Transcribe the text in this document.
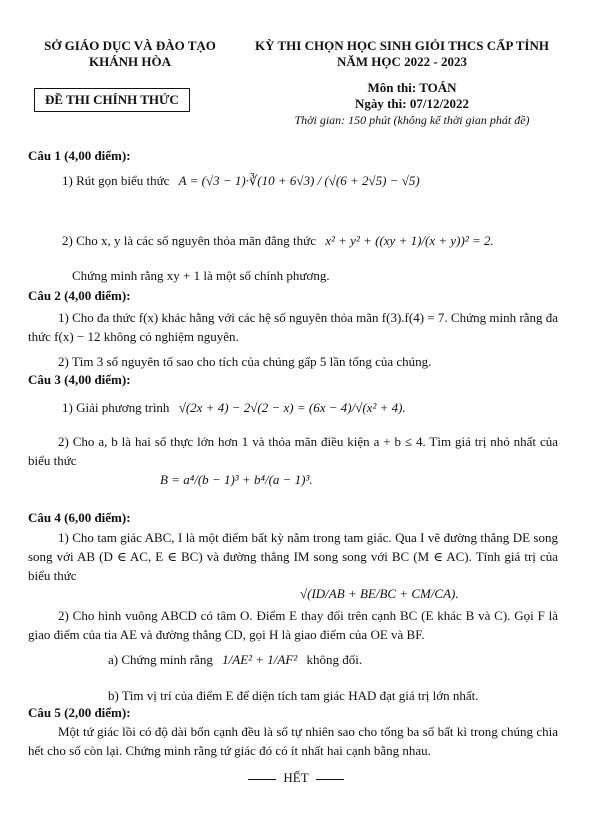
SỞ GIÁO DỤC VÀ ĐÀO TẠO
KHÁNH HÒA
KỲ THI CHỌN HỌC SINH GIỎI THCS CẤP TỈNH
NĂM HỌC 2022 - 2023
ĐỀ THI CHÍNH THỨC
Môn thi: TOÁN
Ngày thi: 07/12/2022
Thời gian: 150 phút (không kể thời gian phát đề)
Câu 1 (4,00 điểm):
1) Rút gọn biểu thức A = (√3 − 1)·∛(10 + 6√3) / (√(6 + 2√5) − √5)
2) Cho x, y là các số nguyên thỏa mãn đẳng thức x² + y² + ((xy + 1)/(x + y))² = 2.
Chứng minh rằng xy + 1 là một số chính phương.
Câu 2 (4,00 điểm):
1) Cho đa thức f(x) khác hằng với các hệ số nguyên thỏa mãn f(3).f(4) = 7. Chứng minh rằng đa thức f(x) − 12 không có nghiệm nguyên.
2) Tìm 3 số nguyên tố sao cho tích của chúng gấp 5 lần tổng của chúng.
Câu 3 (4,00 điểm):
1) Giải phương trình √(2x + 4) − 2√(2 − x) = (6x − 4)/√(x² + 4).
2) Cho a, b là hai số thực lớn hơn 1 và thỏa mãn điều kiện a + b ≤ 4. Tìm giá trị nhỏ nhất của biểu thức
B = a⁴/(b − 1)³ + b⁴/(a − 1)³.
Câu 4 (6,00 điểm):
1) Cho tam giác ABC, I là một điểm bất kỳ nằm trong tam giác. Qua I vẽ đường thẳng DE song song với AB (D ∈ AC, E ∈ BC) và đường thẳng IM song song với BC (M ∈ AC). Tính giá trị của biểu thức
√(ID/AB + BE/BC + CM/CA).
2) Cho hình vuông ABCD có tâm O. Điểm E thay đổi trên cạnh BC (E khác B và C). Gọi F là giao điểm của tia AE và đường thẳng CD, gọi H là giao điểm của OE và BF.
a) Chứng minh rằng 1/AE² + 1/AF² không đổi.
b) Tìm vị trí của điểm E để diện tích tam giác HAD đạt giá trị lớn nhất.
Câu 5 (2,00 điểm):
Một tứ giác lồi có độ dài bốn cạnh đều là số tự nhiên sao cho tổng ba số bất kì trong chúng chia hết cho số còn lại. Chứng minh rằng tứ giác đó có ít nhất hai cạnh bằng nhau.
HẾT
